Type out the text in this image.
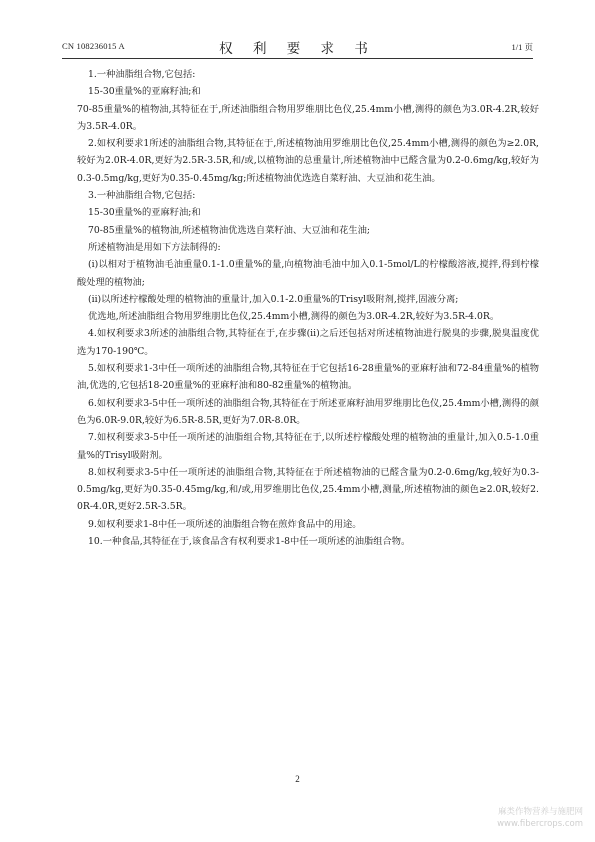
CN 108236015 A	权 利 要 求 书	1/1 页

1.一种油脂组合物,它包括:

15-30重量%的亚麻籽油;和

70-85重量%的植物油,其特征在于,所述油脂组合物用罗维朋比色仪,25.4mm小槽,测得的颜色为3.0R-4.2R,较好为3.5R-4.0R。

2.如权利要求1所述的油脂组合物,其特征在于,所述植物油用罗维朋比色仪,25.4mm小槽,测得的颜色为≥2.0R,较好为2.0R-4.0R,更好为2.5R-3.5R,和/或,以植物油的总重量计,所述植物油中已醛含量为0.2-0.6mg/kg,较好为0.3-0.5mg/kg,更好为0.35-0.45mg/kg;所述植物油优选选自菜籽油、大豆油和花生油。

3.一种油脂组合物,它包括:

15-30重量%的亚麻籽油;和

70-85重量%的植物油,所述植物油优选选自菜籽油、大豆油和花生油;

所述植物油是用如下方法制得的:

(i)以相对于植物油毛油重量0.1-1.0重量%的量,向植物油毛油中加入0.1-5mol/L的柠檬酸溶液,搅拌,得到柠檬酸处理的植物油;

(ii)以所述柠檬酸处理的植物油的重量计,加入0.1-2.0重量%的Trisyl吸附剂,搅拌,固液分离;

优选地,所述油脂组合物用罗维朋比色仪,25.4mm小槽,测得的颜色为3.0R-4.2R,较好为3.5R-4.0R。

4.如权利要求3所述的油脂组合物,其特征在于,在步骤(ii)之后还包括对所述植物油进行脱臭的步骤,脱臭温度优选为170-190℃。

5.如权利要求1-3中任一项所述的油脂组合物,其特征在于它包括16-28重量%的亚麻籽油和72-84重量%的植物油,优选的,它包括18-20重量%的亚麻籽油和80-82重量%的植物油。

6.如权利要求3-5中任一项所述的油脂组合物,其特征在于所述亚麻籽油用罗维朋比色仪,25.4mm小槽,测得的颜色为6.0R-9.0R,较好为6.5R-8.5R,更好为7.0R-8.0R。

7.如权利要求3-5中任一项所述的油脂组合物,其特征在于,以所述柠檬酸处理的植物油的重量计,加入0.5-1.0重量%的Trisyl吸附剂。

8.如权利要求3-5中任一项所述的油脂组合物,其特征在于所述植物油的已醛含量为0.2-0.6mg/kg,较好为0.3-0.5mg/kg,更好为0.35-0.45mg/kg,和/或,用罗维朋比色仪,25.4mm小槽,测量,所述植物油的颜色≥2.0R,较好2.0R-4.0R,更好2.5R-3.5R。

9.如权利要求1-8中任一项所述的油脂组合物在煎炸食品中的用途。

10.一种食品,其特征在于,该食品含有权利要求1-8中任一项所述的油脂组合物。

2
麻类作物营养与施肥网
www.fibercrops.com
